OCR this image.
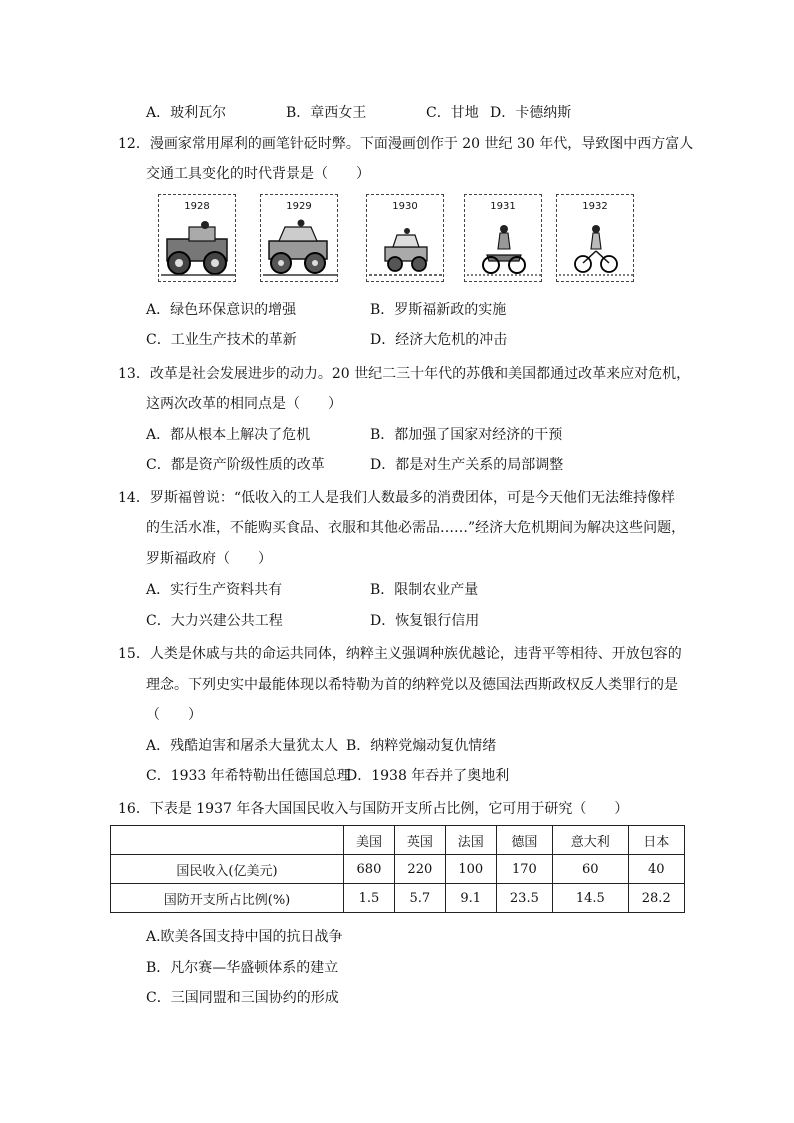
A．玻利瓦尔	B．章西女王	C．甘地 D．卡德纳斯
12．漫画家常用犀利的画笔针砭时弊。下面漫画创作于 20 世纪 30 年代，导致图中西方富人
交通工具变化的时代背景是（　　）
1928	1929	1930	1931	1932
A．绿色环保意识的增强	B．罗斯福新政的实施
C．工业生产技术的革新	D．经济大危机的冲击
13．改革是社会发展进步的动力。20 世纪二三十年代的苏俄和美国都通过改革来应对危机，
这两次改革的相同点是（　　）
A．都从根本上解决了危机	B．都加强了国家对经济的干预
C．都是资产阶级性质的改革	D．都是对生产关系的局部调整
14．罗斯福曾说：“低收入的工人是我们人数最多的消费团体，可是今天他们无法维持像样
的生活水准，不能购买食品、衣服和其他必需品……”经济大危机期间为解决这些问题，
罗斯福政府（　　）
A．实行生产资料共有	B．限制农业产量
C．大力兴建公共工程	D．恢复银行信用
15．人类是休戚与共的命运共同体，纳粹主义强调种族优越论，违背平等相待、开放包容的
理念。下列史实中最能体现以希特勒为首的纳粹党以及德国法西斯政权反人类罪行的是
（　　）
A．残酷迫害和屠杀大量犹太人 B．纳粹党煽动复仇情绪
C．1933 年希特勒出任德国总理
D．1938 年吞并了奥地利
16．下表是 1937 年各大国国民收入与国防开支所占比例，它可用于研究（　　）
	美国	英国	法国	德国	意大利	日本
国民收入(亿美元)	680	220	100	170	60	40
国防开支所占比例(%)	1.5	5.7	9.1	23.5	14.5	28.2
A.欧美各国支持中国的抗日战争
B．凡尔赛—华盛顿体系的建立
C．三国同盟和三国协约的形成
